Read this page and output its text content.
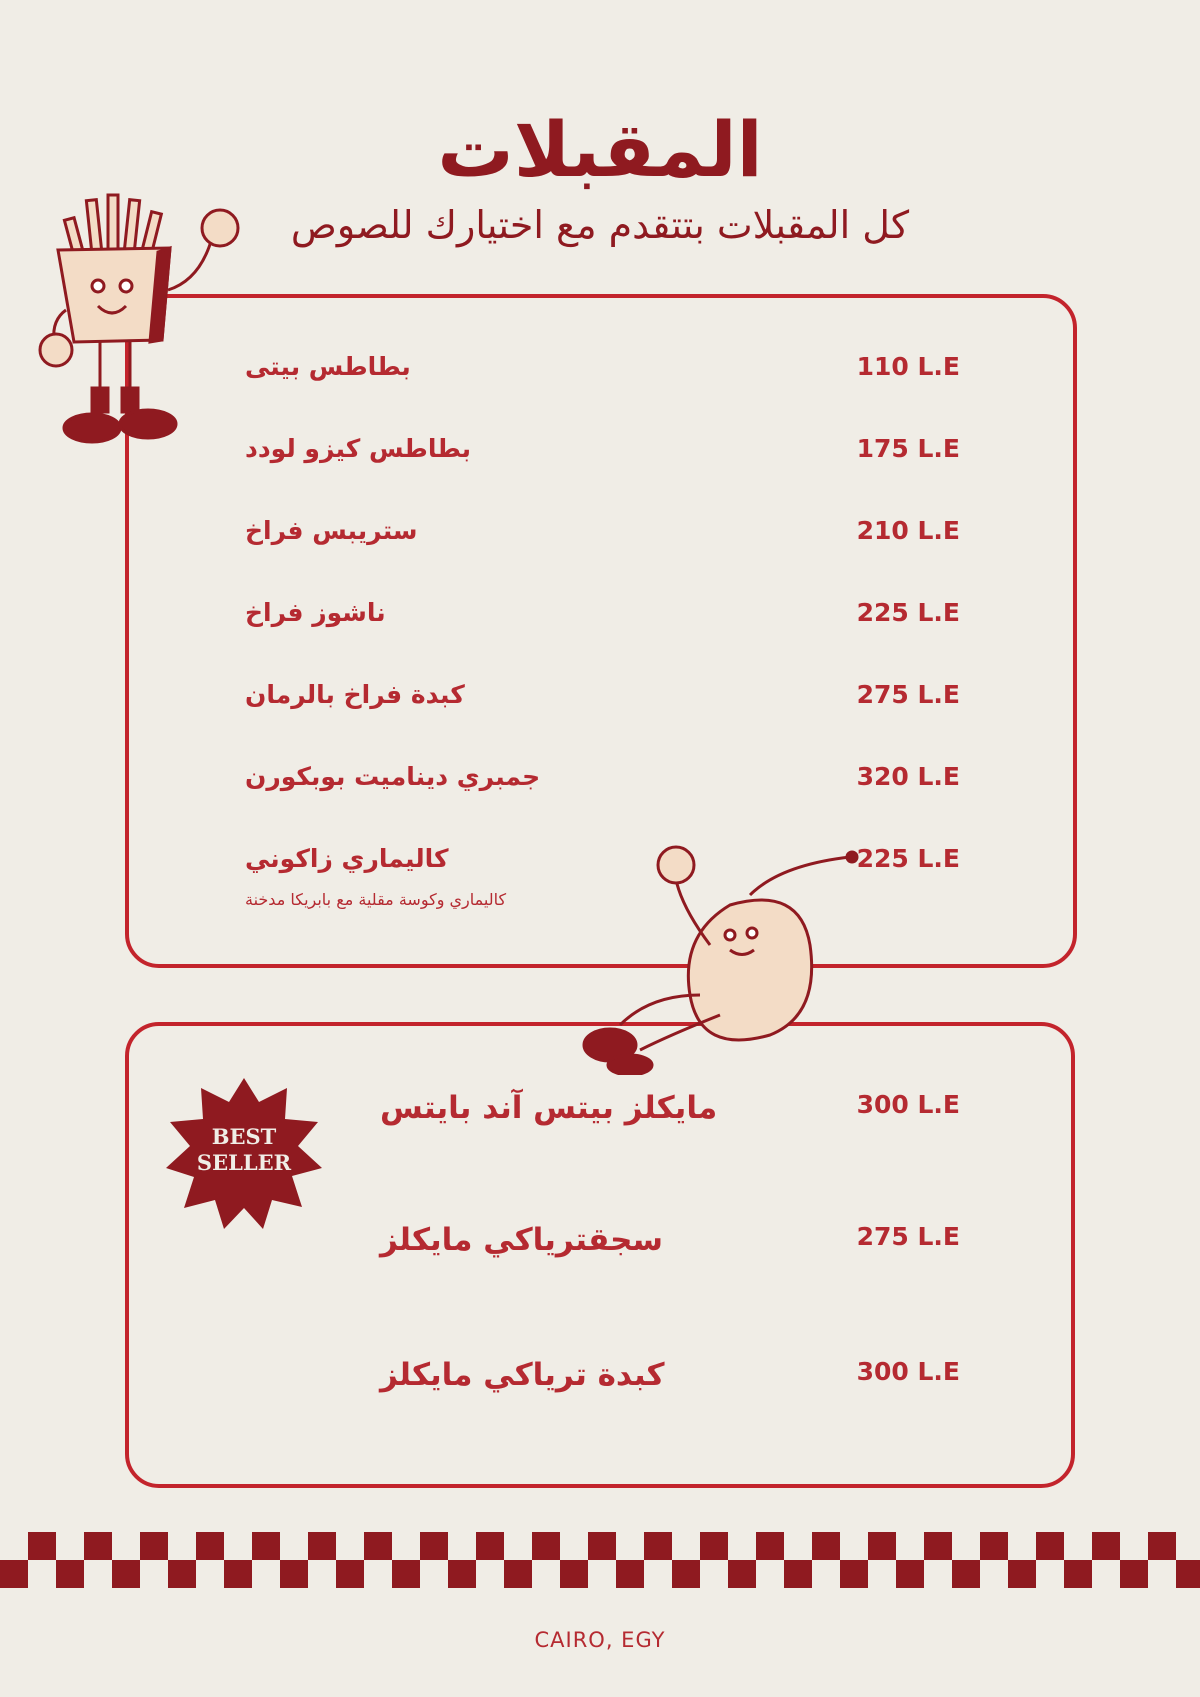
المقبلات
كل المقبلات بتتقدم مع اختيارك للصوص
بطاطس بيتى	110 L.E
بطاطس كيزو لودد	175 L.E
ستريبس فراخ	210 L.E
ناشوز فراخ	225 L.E
كبدة فراخ بالرمان	275 L.E
جمبري ديناميت بوبكورن	320 L.E
كاليماري زاكوني	225 L.E
كاليماري وكوسة مقلية مع بابريكا مدخنة
مايكلز بيتس آند بايتس	300 L.E
سجقترياكي مايكلز	275 L.E
كبدة ترياكي مايكلز	300 L.E
BEST
SELLER
CAIRO, EGY
